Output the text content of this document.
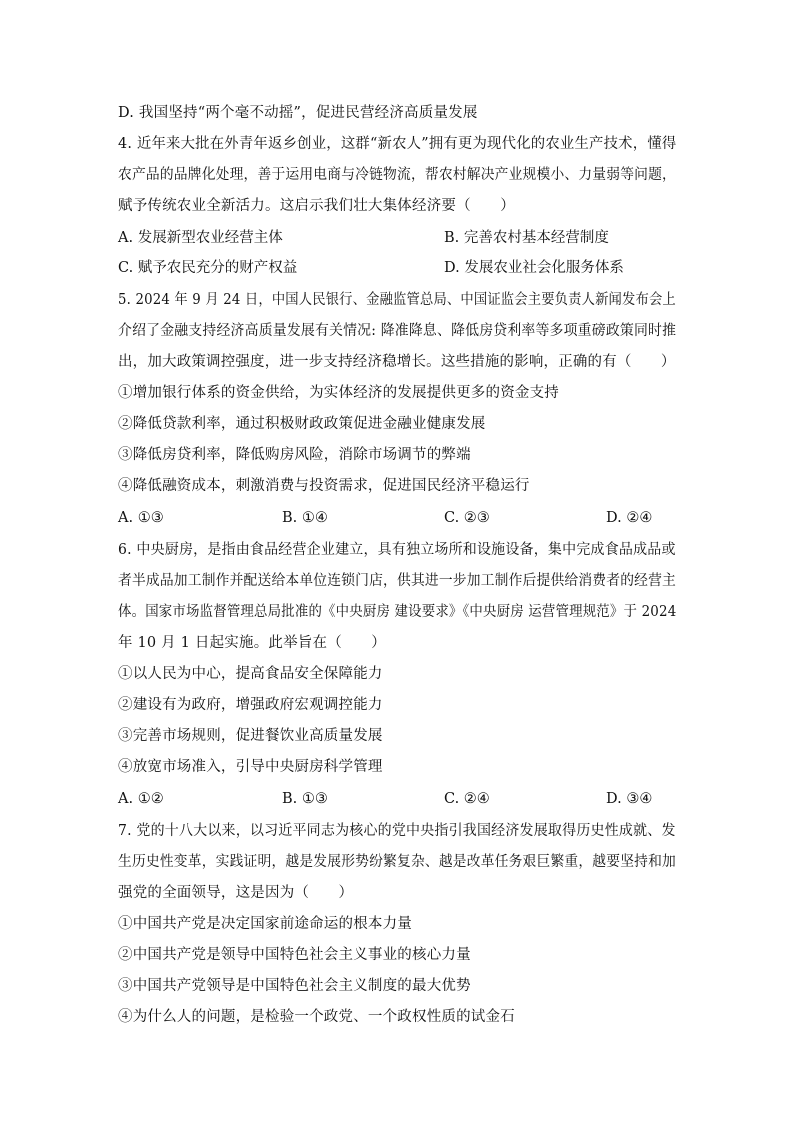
D. 我国坚持“两个毫不动摇”，促进民营经济高质量发展
4. 近年来大批在外青年返乡创业，这群“新农人”拥有更为现代化的农业生产技术，懂得
农产品的品牌化处理，善于运用电商与冷链物流，帮农村解决产业规模小、力量弱等问题，
赋予传统农业全新活力。这启示我们壮大集体经济要（　　）
A. 发展新型农业经营主体	B. 完善农村基本经营制度
C. 赋予农民充分的财产权益	D. 发展农业社会化服务体系
5. 2024 年 9 月 24 日，中国人民银行、金融监管总局、中国证监会主要负责人新闻发布会上
介绍了金融支持经济高质量发展有关情况: 降准降息、降低房贷利率等多项重磅政策同时推
出，加大政策调控强度，进一步支持经济稳增长。这些措施的影响，正确的有（　　）
①增加银行体系的资金供给，为实体经济的发展提供更多的资金支持
②降低贷款利率，通过积极财政政策促进金融业健康发展
③降低房贷利率，降低购房风险，消除市场调节的弊端
④降低融资成本，刺激消费与投资需求，促进国民经济平稳运行
A. ①③	B. ①④	C. ②③	D. ②④
6. 中央厨房，是指由食品经营企业建立，具有独立场所和设施设备，集中完成食品成品或
者半成品加工制作并配送给本单位连锁门店，供其进一步加工制作后提供给消费者的经营主
体。国家市场监督管理总局批准的《中央厨房 建设要求》《中央厨房 运营管理规范》于 2024
年 10 月 1 日起实施。此举旨在（　　）
①以人民为中心，提高食品安全保障能力
②建设有为政府，增强政府宏观调控能力
③完善市场规则，促进餐饮业高质量发展
④放宽市场准入，引导中央厨房科学管理
A. ①②	B. ①③	C. ②④	D. ③④
7. 党的十八大以来，以习近平同志为核心的党中央指引我国经济发展取得历史性成就、发
生历史性变革，实践证明，越是发展形势纷繁复杂、越是改革任务艰巨繁重，越要坚持和加
强党的全面领导，这是因为（　　）
①中国共产党是决定国家前途命运的根本力量
②中国共产党是领导中国特色社会主义事业的核心力量
③中国共产党领导是中国特色社会主义制度的最大优势
④为什么人的问题，是检验一个政党、一个政权性质的试金石
